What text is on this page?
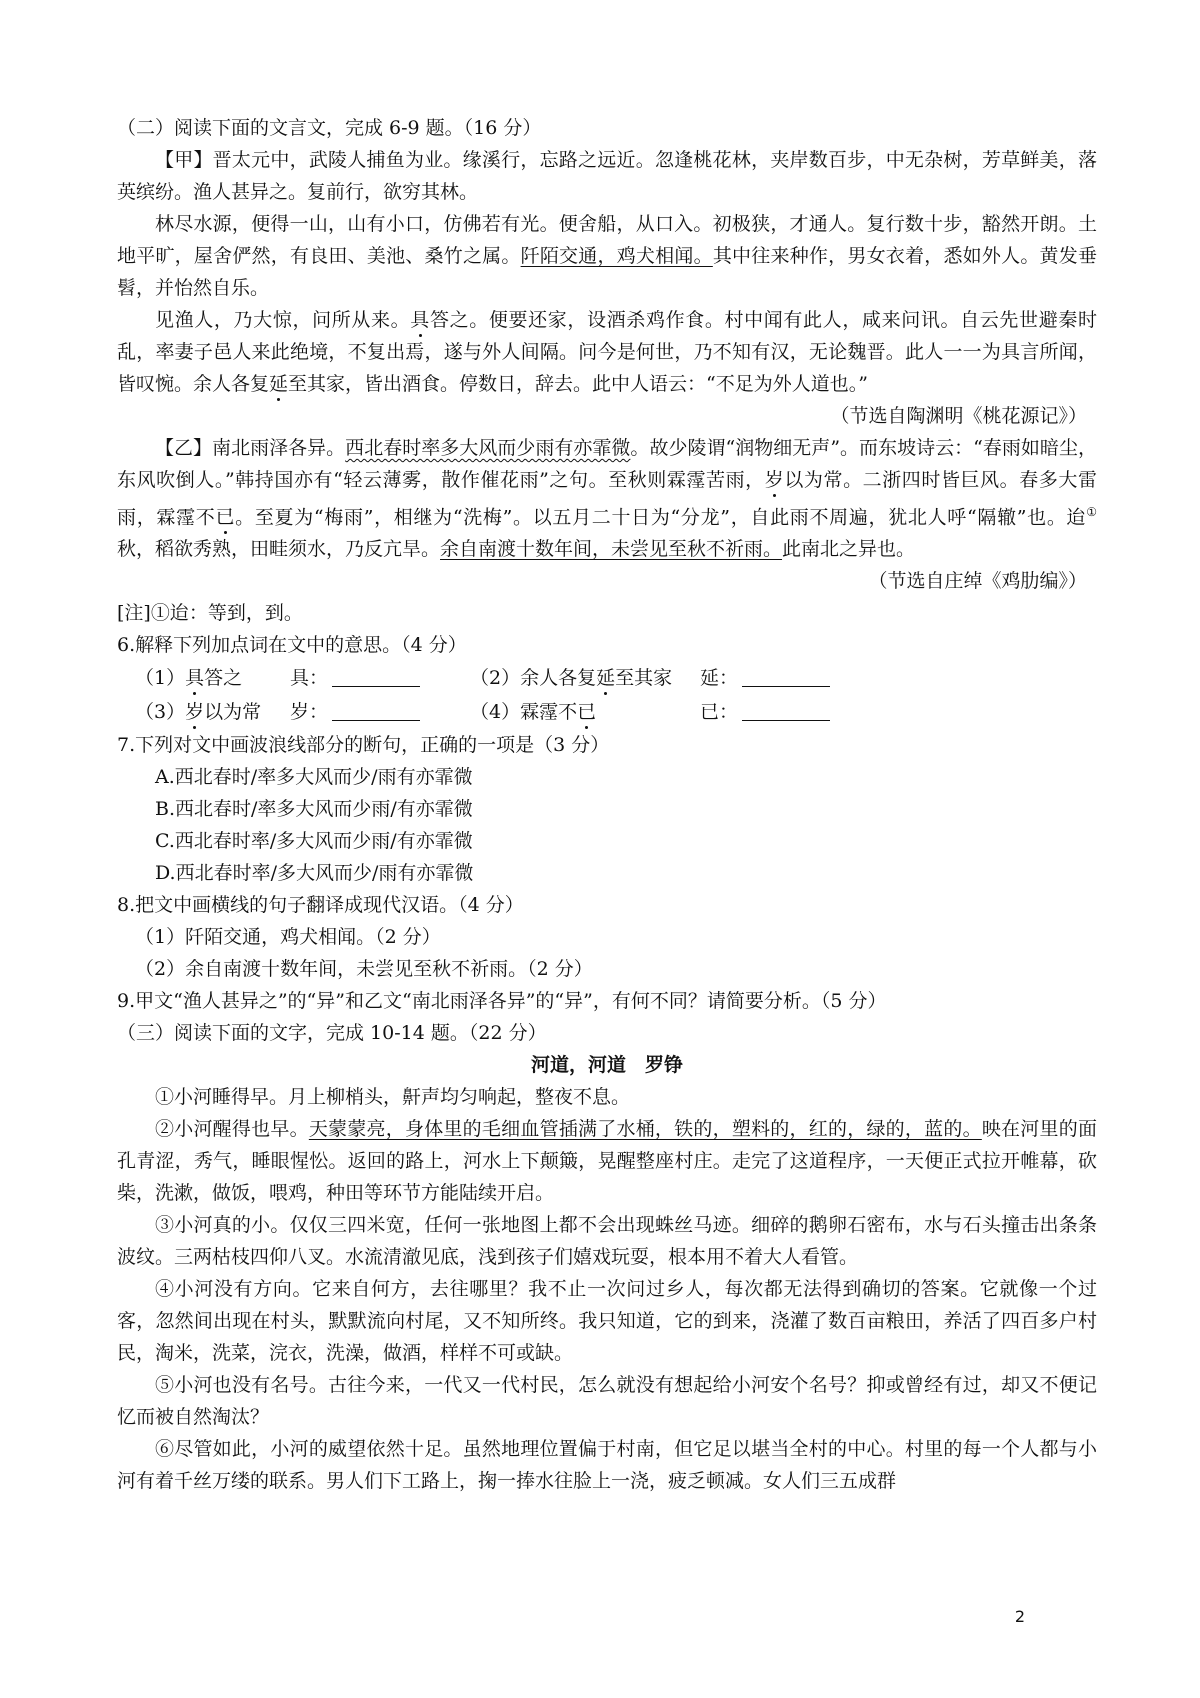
（二）阅读下面的文言文，完成 6-9 题。（16 分）

【甲】晋太元中，武陵人捕鱼为业。缘溪行，忘路之远近。忽逢桃花林，夹岸数百步，中无杂树，芳草鲜美，落英缤纷。渔人甚异之。复前行，欲穷其林。

林尽水源，便得一山，山有小口，仿佛若有光。便舍船，从口入。初极狭，才通人。复行数十步，豁然开朗。土地平旷，屋舍俨然，有良田、美池、桑竹之属。阡陌交通，鸡犬相闻。其中往来种作，男女衣着，悉如外人。黄发垂髫，并怡然自乐。

见渔人，乃大惊，问所从来。具答之。便要还家，设酒杀鸡作食。村中闻有此人，咸来问讯。自云先世避秦时乱，率妻子邑人来此绝境，不复出焉，遂与外人间隔。问今是何世，乃不知有汉，无论魏晋。此人一一为具言所闻，皆叹惋。余人各复延至其家，皆出酒食。停数日，辞去。此中人语云：“不足为外人道也。”

（节选自陶渊明《桃花源记》）

【乙】南北雨泽各异。西北春时率多大风而少雨有亦霏微。故少陵谓“润物细无声”。而东坡诗云：“春雨如暗尘，东风吹倒人。”韩持国亦有“轻云薄雾，散作催花雨”之句。至秋则霖霪苦雨，岁以为常。二浙四时皆巨风。春多大雷雨，霖霪不已。至夏为“梅雨”，相继为“洗梅”。以五月二十日为“分龙”，自此雨不周遍，犹北人呼“隔辙”也。迨①秋，稻欲秀熟，田畦须水，乃反亢旱。余自南渡十数年间，未尝见至秋不祈雨。此南北之异也。

（节选自庄绰《鸡肋编》）

[注]①迨：等到，到。

6.解释下列加点词在文中的意思。（4 分）

（1）具答之	具：	（2）余人各复延至其家	延：
（3）岁以为常	岁：	（4）霖霪不已	已：

7.下列对文中画波浪线部分的断句，正确的一项是（3 分）

A.西北春时/率多大风而少/雨有亦霏微

B.西北春时/率多大风而少雨/有亦霏微

C.西北春时率/多大风而少雨/有亦霏微

D.西北春时率/多大风而少/雨有亦霏微

8.把文中画横线的句子翻译成现代汉语。（4 分）

（1）阡陌交通，鸡犬相闻。（2 分）

（2）余自南渡十数年间，未尝见至秋不祈雨。（2 分）

9.甲文“渔人甚异之”的“异”和乙文“南北雨泽各异”的“异”，有何不同？请简要分析。（5 分）

（三）阅读下面的文字，完成 10-14 题。（22 分）

河道，河道　罗铮

①小河睡得早。月上柳梢头，鼾声均匀响起，整夜不息。

②小河醒得也早。天蒙蒙亮，身体里的毛细血管插满了水桶，铁的，塑料的，红的，绿的，蓝的。映在河里的面孔青涩，秀气，睡眼惺忪。返回的路上，河水上下颠簸，晃醒整座村庄。走完了这道程序，一天便正式拉开帷幕，砍柴，洗漱，做饭，喂鸡，种田等环节方能陆续开启。

③小河真的小。仅仅三四米宽，任何一张地图上都不会出现蛛丝马迹。细碎的鹅卵石密布，水与石头撞击出条条波纹。三两枯枝四仰八叉。水流清澈见底，浅到孩子们嬉戏玩耍，根本用不着大人看管。

④小河没有方向。它来自何方，去往哪里？我不止一次问过乡人，每次都无法得到确切的答案。它就像一个过客，忽然间出现在村头，默默流向村尾，又不知所终。我只知道，它的到来，浇灌了数百亩粮田，养活了四百多户村民，淘米，洗菜，浣衣，洗澡，做酒，样样不可或缺。

⑤小河也没有名号。古往今来，一代又一代村民，怎么就没有想起给小河安个名号？抑或曾经有过，却又不便记忆而被自然淘汰？

⑥尽管如此，小河的威望依然十足。虽然地理位置偏于村南，但它足以堪当全村的中心。村里的每一个人都与小河有着千丝万缕的联系。男人们下工路上，掬一捧水往脸上一浇，疲乏顿减。女人们三五成群

2
